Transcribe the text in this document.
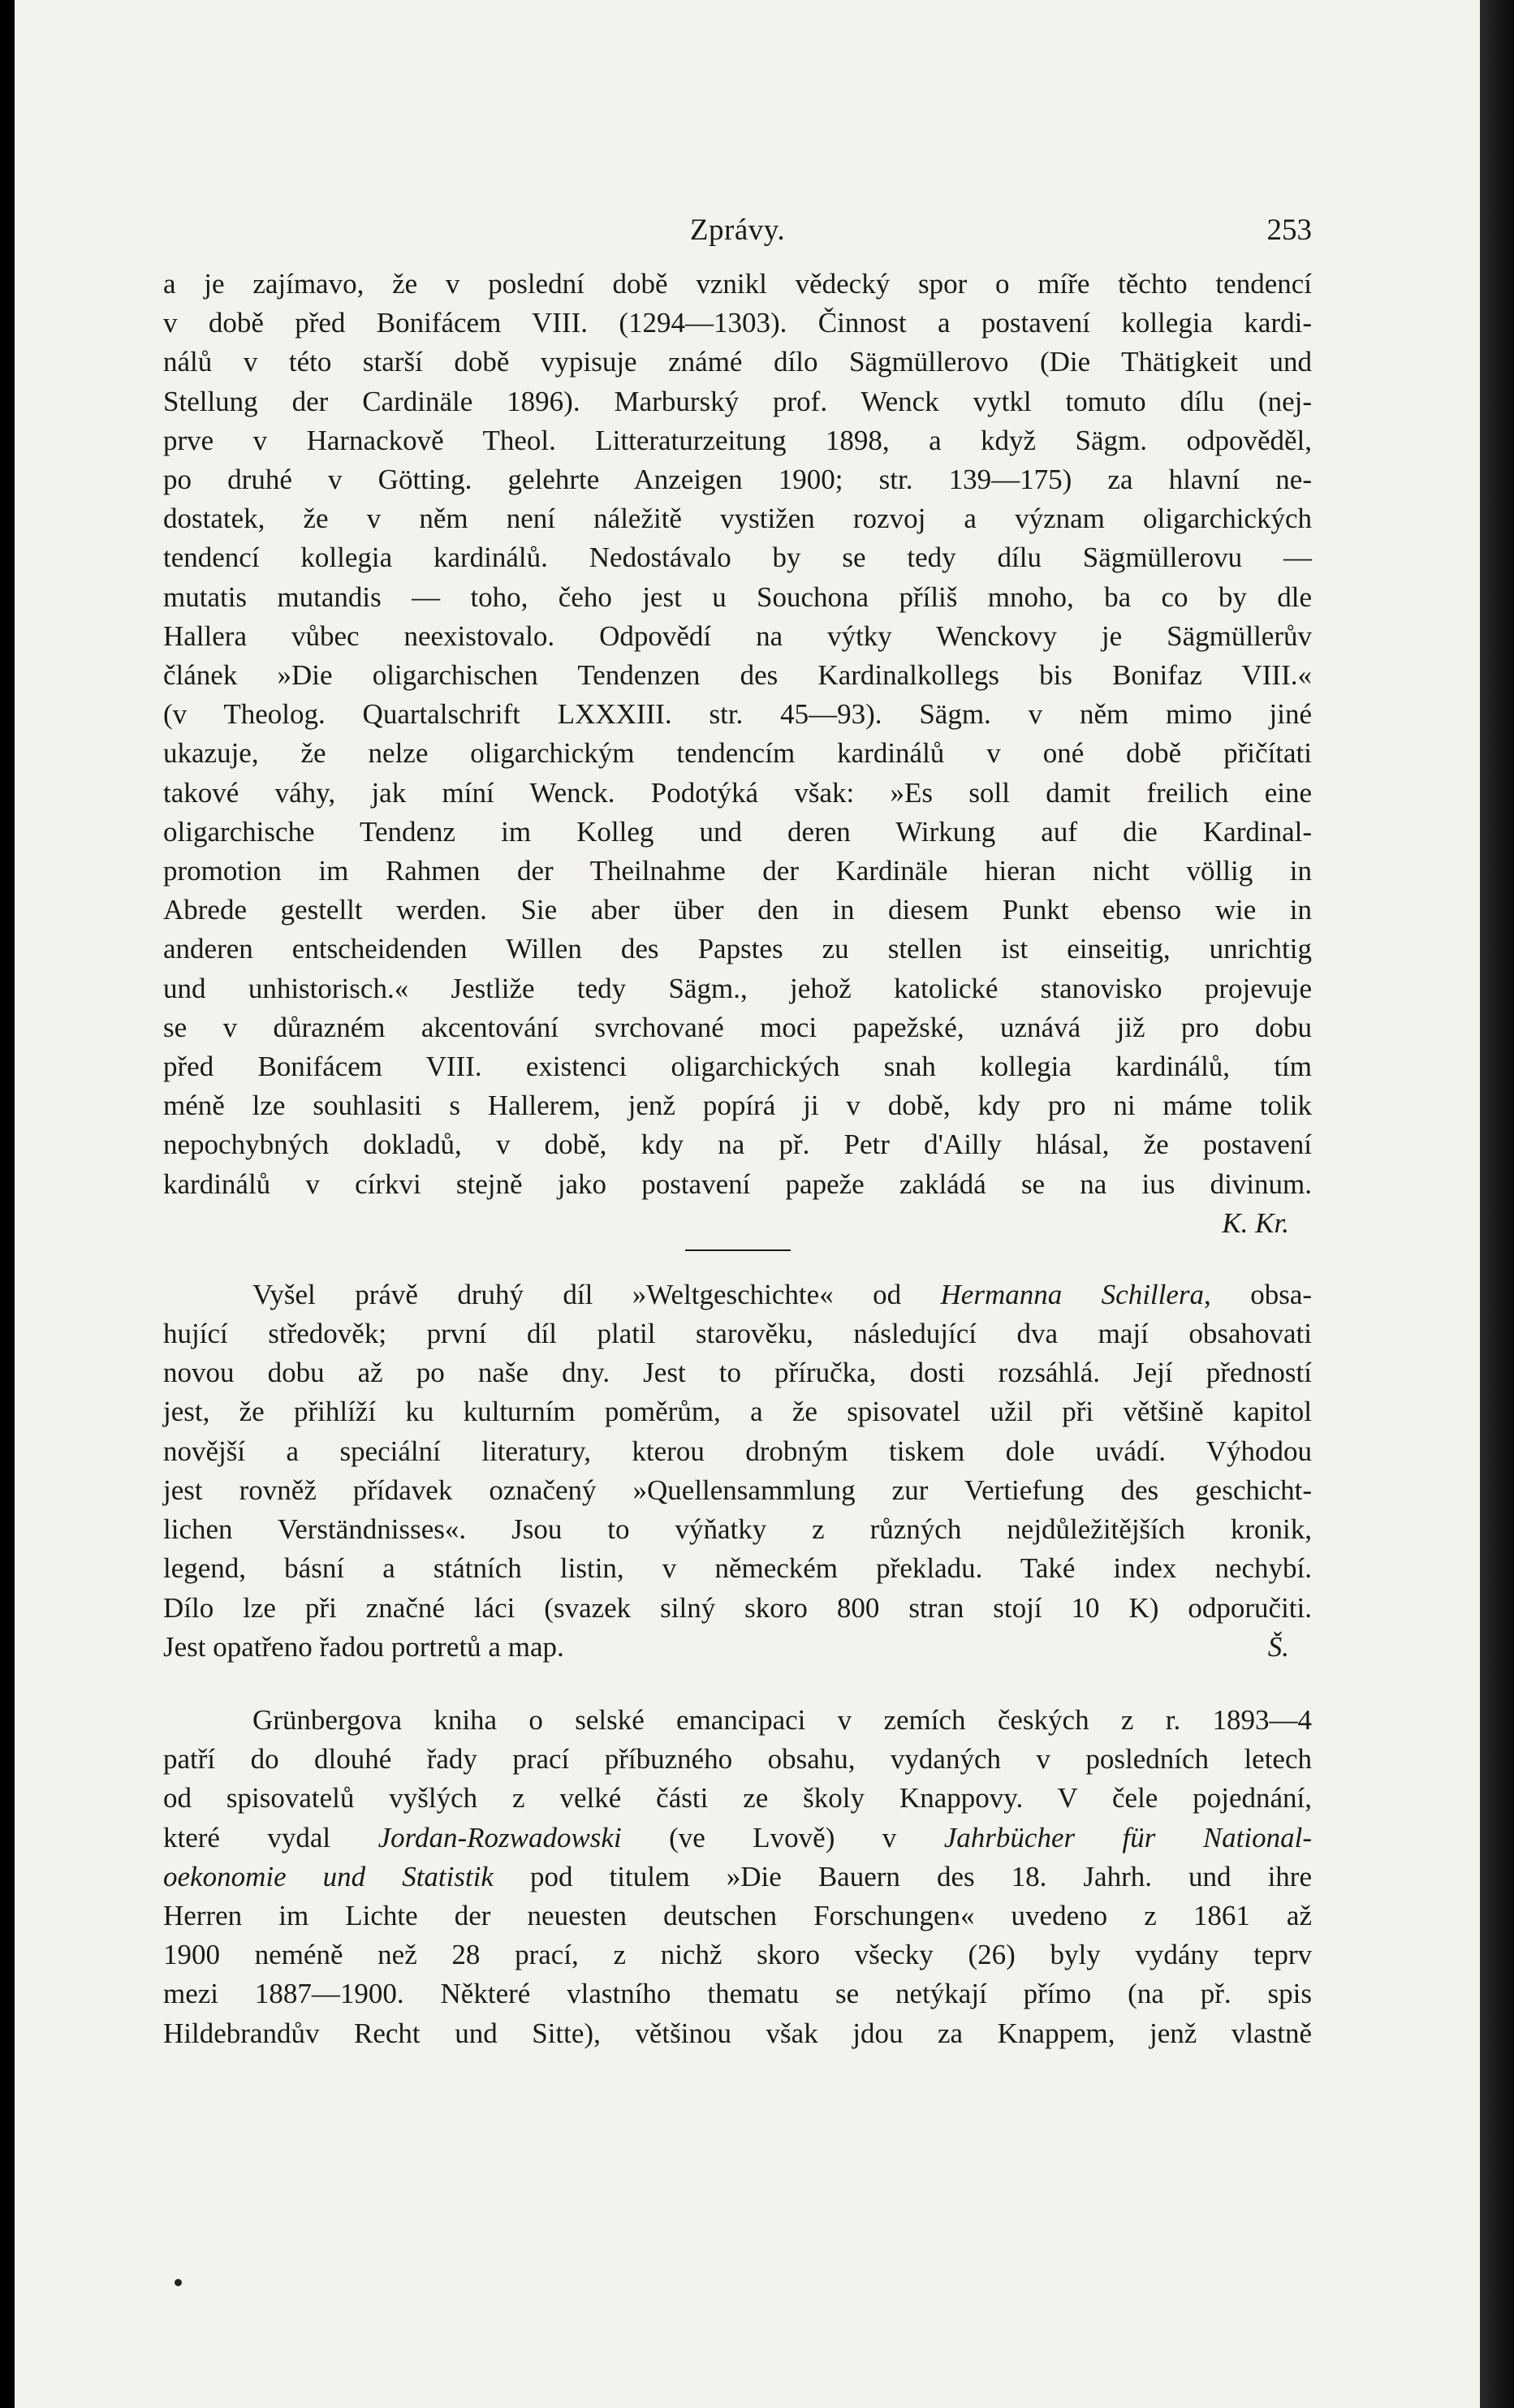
Zprávy.	253
a je zajímavo, že v poslední době vznikl vědecký spor o míře těchto tendencí
v době před Bonifácem VIII. (1294—1303). Činnost a postavení kollegia kardi-
nálů v této starší době vypisuje známé dílo Sägmüllerovo (Die Thätigkeit und
Stellung der Cardinäle 1896). Marburský prof. Wenck vytkl tomuto dílu (nej-
prve v Harnackově Theol. Litteraturzeitung 1898, a když Sägm. odpověděl,
po druhé v Götting. gelehrte Anzeigen 1900; str. 139—175) za hlavní ne-
dostatek, že v něm není náležitě vystižen rozvoj a význam oligarchických
tendencí kollegia kardinálů. Nedostávalo by se tedy dílu Sägmüllerovu —
mutatis mutandis — toho, čeho jest u Souchona příliš mnoho, ba co by dle
Hallera vůbec neexistovalo. Odpovědí na výtky Wenckovy je Sägmüllerův
článek »Die oligarchischen Tendenzen des Kardinalkollegs bis Bonifaz VIII.«
(v Theolog. Quartalschrift LXXXIII. str. 45—93). Sägm. v něm mimo jiné
ukazuje, že nelze oligarchickým tendencím kardinálů v oné době přičítati
takové váhy, jak míní Wenck. Podotýká však: »Es soll damit freilich eine
oligarchische Tendenz im Kolleg und deren Wirkung auf die Kardinal-
promotion im Rahmen der Theilnahme der Kardinäle hieran nicht völlig in
Abrede gestellt werden. Sie aber über den in diesem Punkt ebenso wie in
anderen entscheidenden Willen des Papstes zu stellen ist einseitig, unrichtig
und unhistorisch.« Jestliže tedy Sägm., jehož katolické stanovisko projevuje
se v důrazném akcentování svrchované moci papežské, uznává již pro dobu
před Bonifácem VIII. existenci oligarchických snah kollegia kardinálů, tím
méně lze souhlasiti s Hallerem, jenž popírá ji v době, kdy pro ni máme tolik
nepochybných dokladů, v době, kdy na př. Petr d'Ailly hlásal, že postavení
kardinálů v církvi stejně jako postavení papeže zakládá se na ius divinum.
K. Kr.
Vyšel právě druhý díl »Weltgeschichte« od Hermanna Schillera, obsa-
hující středověk; první díl platil starověku, následující dva mají obsahovati
novou dobu až po naše dny. Jest to příručka, dosti rozsáhlá. Její předností
jest, že přihlíží ku kulturním poměrům, a že spisovatel užil při většině kapitol
novější a speciální literatury, kterou drobným tiskem dole uvádí. Výhodou
jest rovněž přídavek označený »Quellensammlung zur Vertiefung des geschicht-
lichen Verständnisses«. Jsou to výňatky z různých nejdůležitějších kronik,
legend, básní a státních listin, v německém překladu. Také index nechybí.
Dílo lze při značné láci (svazek silný skoro 800 stran stojí 10 K) odporučiti.
Jest opatřeno řadou portretů a map.	Š.
Grünbergova kniha o selské emancipaci v zemích českých z r. 1893—4
patří do dlouhé řady prací příbuzného obsahu, vydaných v posledních letech
od spisovatelů vyšlých z velké části ze školy Knappovy. V čele pojednání,
které vydal Jordan-Rozwadowski (ve Lvově) v Jahrbücher für National-
oekonomie und Statistik pod titulem »Die Bauern des 18. Jahrh. und ihre
Herren im Lichte der neuesten deutschen Forschungen« uvedeno z 1861 až
1900 neméně než 28 prací, z nichž skoro všecky (26) byly vydány teprv
mezi 1887—1900. Některé vlastního thematu se netýkají přímo (na př. spis
Hildebrandův Recht und Sitte), většinou však jdou za Knappem, jenž vlastně
